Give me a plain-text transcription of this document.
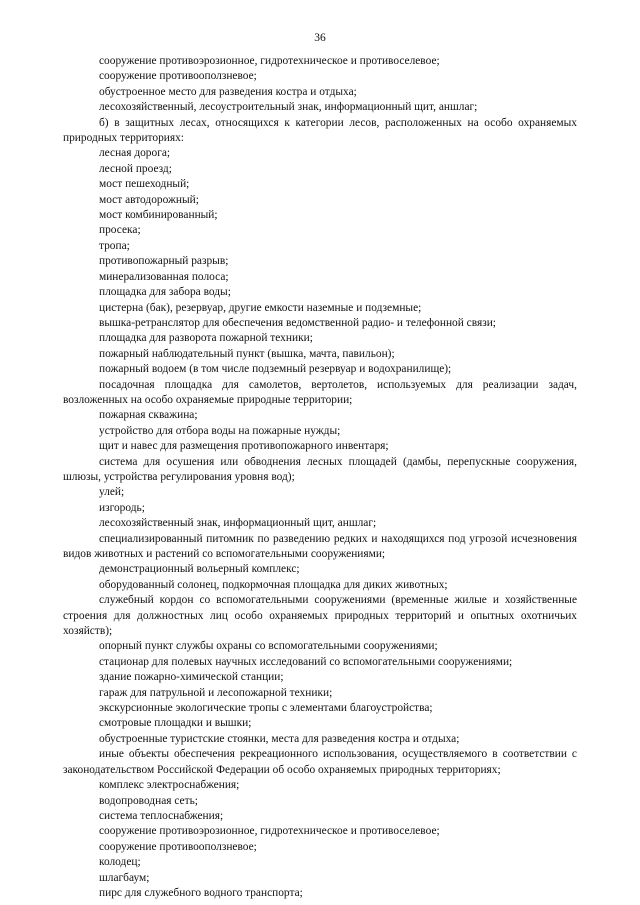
36

сооружение противоэрозионное, гидротехническое и противоселевое;

сооружение противооползневое;

обустроенное место для разведения костра и отдыха;

лесохозяйственный, лесоустроительный знак, информационный щит, аншлаг;

б) в защитных лесах, относящихся к категории лесов, расположенных на особо охраняемых природных территориях:

лесная дорога;

лесной проезд;

мост пешеходный;

мост автодорожный;

мост комбинированный;

просека;

тропа;

противопожарный разрыв;

минерализованная полоса;

площадка для забора воды;

цистерна (бак), резервуар, другие емкости наземные и подземные;

вышка-ретранслятор для обеспечения ведомственной радио- и телефонной связи;

площадка для разворота пожарной техники;

пожарный наблюдательный пункт (вышка, мачта, павильон);

пожарный водоем (в том числе подземный резервуар и водохранилище);

посадочная площадка для самолетов, вертолетов, используемых для реализации задач, возложенных на особо охраняемые природные территории;

пожарная скважина;

устройство для отбора воды на пожарные нужды;

щит и навес для размещения противопожарного инвентаря;

система для осушения или обводнения лесных площадей (дамбы, перепускные сооружения, шлюзы, устройства регулирования уровня вод);

улей;

изгородь;

лесохозяйственный знак, информационный щит, аншлаг;

специализированный питомник по разведению редких и находящихся под угрозой исчезновения видов животных и растений со вспомогательными сооружениями;

демонстрационный вольерный комплекс;

оборудованный солонец, подкормочная площадка для диких животных;

служебный кордон со вспомогательными сооружениями (временные жилые и хозяйственные строения для должностных лиц особо охраняемых природных территорий и опытных охотничьих хозяйств);

опорный пункт службы охраны со вспомогательными сооружениями;

стационар для полевых научных исследований со вспомогательными сооружениями;

здание пожарно-химической станции;

гараж для патрульной и лесопожарной техники;

экскурсионные экологические тропы с элементами благоустройства;

смотровые площадки и вышки;

обустроенные туристские стоянки, места для разведения костра и отдыха;

иные объекты обеспечения рекреационного использования, осуществляемого в соответствии с законодательством Российской Федерации об особо охраняемых природных территориях;

комплекс электроснабжения;

водопроводная сеть;

система теплоснабжения;

сооружение противоэрозионное, гидротехническое и противоселевое;

сооружение противооползневое;

колодец;

шлагбаум;

пирс для служебного водного транспорта;
